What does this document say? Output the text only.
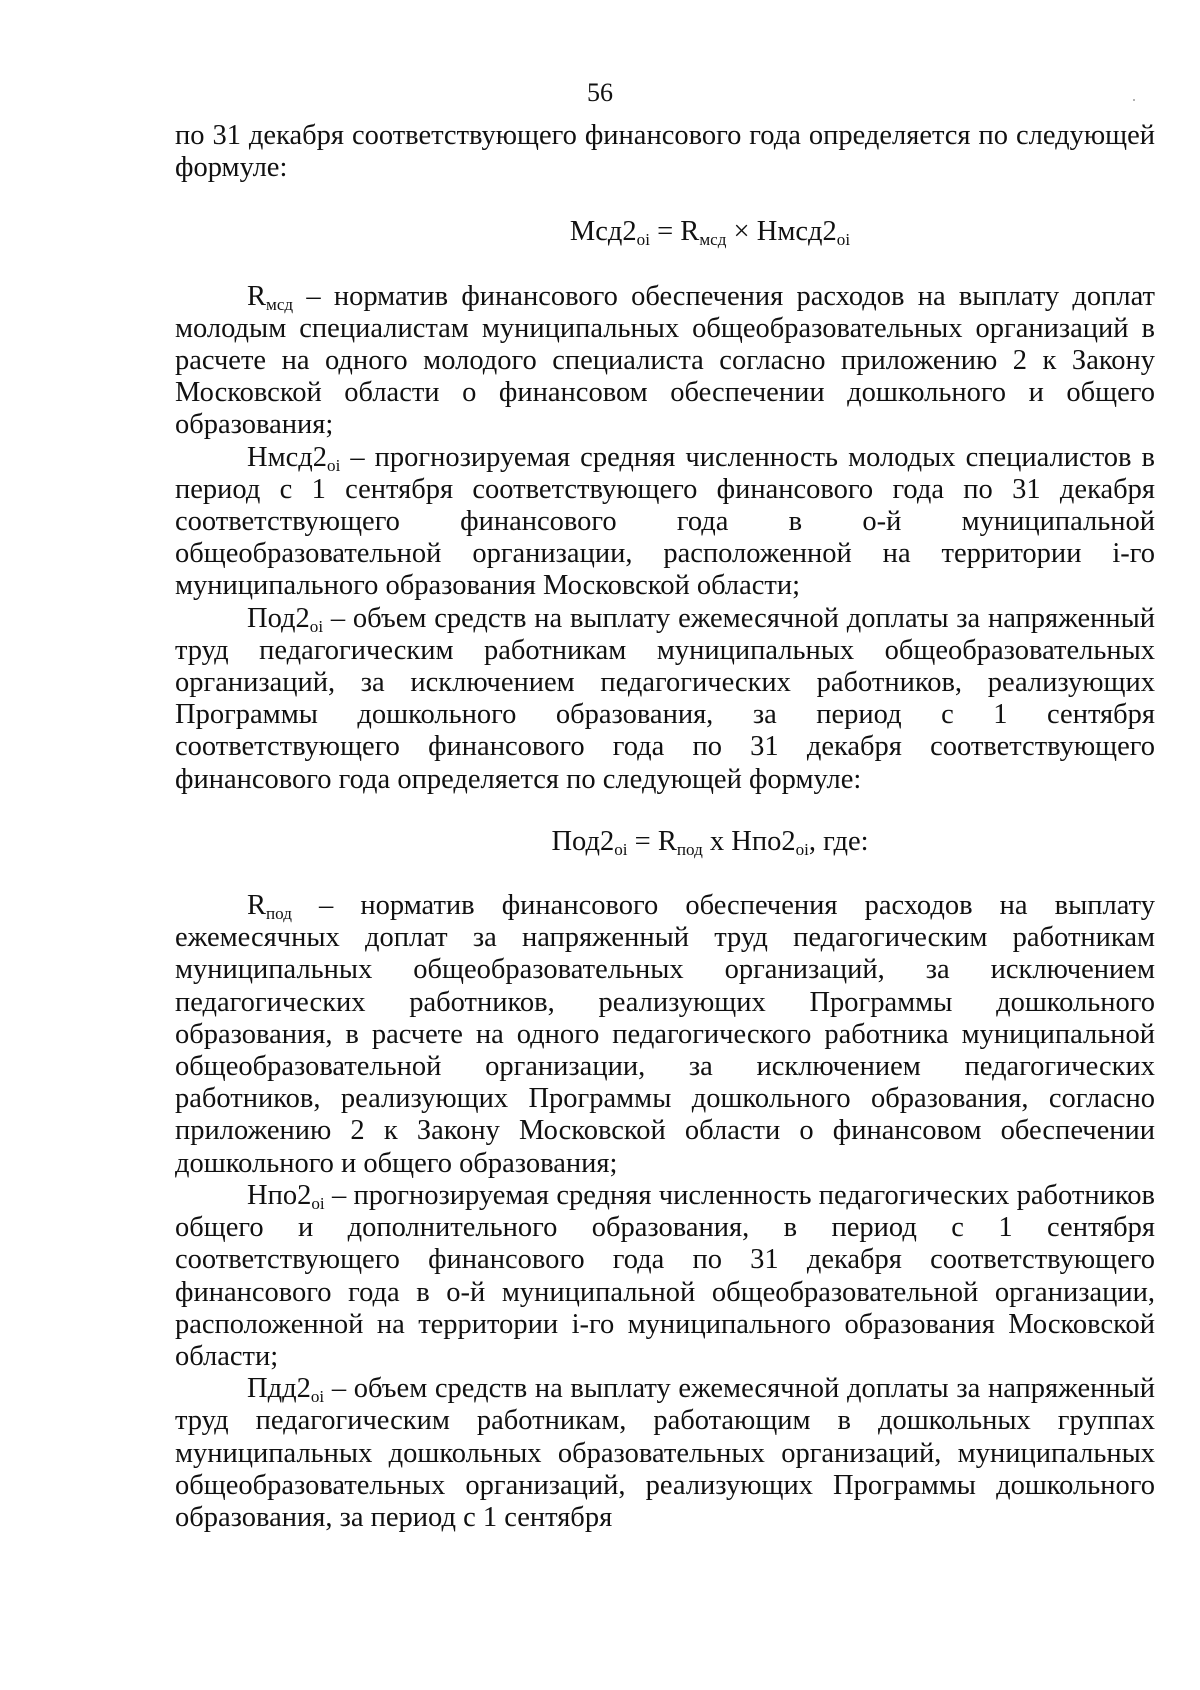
56

по 31 декабря соответствующего финансового года определяется по следующей формуле:

$Мсд2_{oi} = R_{мсд}$ × $Нмсд2_{oi}$

$R_{мсд}$ – норматив финансового обеспечения расходов на выплату доплат молодым специалистам муниципальных общеобразовательных организаций в расчете на одного молодого специалиста согласно приложению 2 к Закону Московской области о финансовом обеспечении дошкольного и общего образования;

$Нмсд2_{oi}$ – прогнозируемая средняя численность молодых специалистов в период с 1 сентября соответствующего финансового года по 31 декабря соответствующего финансового года в о-й муниципальной общеобразовательной организации, расположенной на территории i-го муниципального образования Московской области;

$Под2_{oi}$ – объем средств на выплату ежемесячной доплаты за напряженный труд педагогическим работникам муниципальных общеобразовательных организаций, за исключением педагогических работников, реализующих Программы дошкольного образования, за период с 1 сентября соответствующего финансового года по 31 декабря соответствующего финансового года определяется по следующей формуле:

$Под2_{oi} = R_{под}$ x $Нпо2_{oi}$, где:

$R_{под}$ – норматив финансового обеспечения расходов на выплату ежемесячных доплат за напряженный труд педагогическим работникам муниципальных общеобразовательных организаций, за исключением педагогических работников, реализующих Программы дошкольного образования, в расчете на одного педагогического работника муниципальной общеобразовательной организации, за исключением педагогических работников, реализующих Программы дошкольного образования, согласно приложению 2 к Закону Московской области о финансовом обеспечении дошкольного и общего образования;

$Нпо2_{oi}$ – прогнозируемая средняя численность педагогических работников общего и дополнительного образования, в период с 1 сентября соответствующего финансового года по 31 декабря соответствующего финансового года в о-й муниципальной общеобразовательной организации, расположенной на территории i-го муниципального образования Московской области;

$Пдд2_{oi}$ – объем средств на выплату ежемесячной доплаты за напряженный труд педагогическим работникам, работающим в дошкольных группах муниципальных дошкольных образовательных организаций, муниципальных общеобразовательных организаций, реализующих Программы дошкольного образования, за период с 1 сентября
